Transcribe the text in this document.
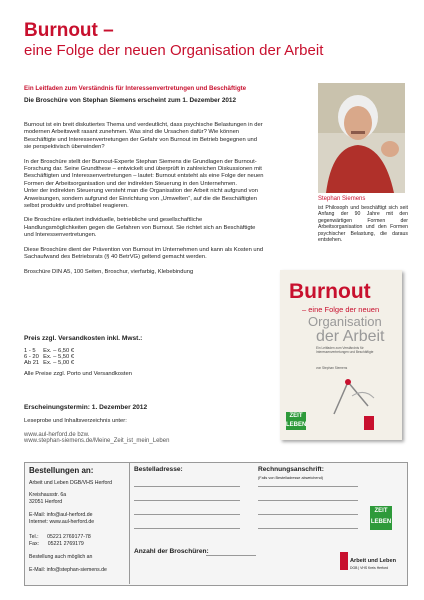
Burnout –
eine Folge der neuen Organisation der Arbeit
Ein Leitfaden zum Verständnis für Interessenvertretungen und Beschäftigte
Die Broschüre von Stephan Siemens erscheint zum 1. Dezember 2012

Burnout ist ein breit diskutiertes Thema und verdeutlicht, dass psychische Belastungen in der modernen Arbeitswelt rasant zunehmen. Was sind die Ursachen dafür? Wie können Beschäftigte und Interessenvertretungen der Gefahr von Burnout im Betrieb begegnen und sie perspektivisch überwinden?

In der Broschüre stellt der Burnout-Experte Stephan Siemens die Grundlagen der Burnout-Forschung dar. Seine Grundthese – entwickelt und überprüft in zahlreichen Diskussionen mit Beschäftigten und Interessenvertretungen – lautet: Burnout entsteht als eine Folge der neuen Formen der Arbeitsorganisation und der indirekten Steuerung in den Unternehmen.

Unter der indirekten Steuerung versteht man die Organisation der Arbeit nicht aufgrund von Anweisungen, sondern aufgrund der Einrichtung von „Umwelten“, auf die die Beschäftigten selbst produktiv und profitabel reagieren.

Die Broschüre erläutert individuelle, betriebliche und gesellschaftliche Handlungsmöglichkeiten gegen die Gefahren von Burnout. Sie richtet sich an Beschäftigte und Interessenvertretungen.

Diese Broschüre dient der Prävention von Burnout im Unternehmen und kann als Kosten und Sachaufwand des Betriebsrats (§ 40 BetrVG) geltend gemacht werden.

Broschüre DIN A5, 100 Seiten, Broschur, vierfarbig, Klebebindung

Preis zzgl. Versandkosten inkl. Mwst.:
1 - 5	Ex. – 6,50 €
6 - 20	Ex. – 5,50 €
Ab 21	Ex. – 5,00 €
Alle Preise zzgl. Porto und Versandkosten
Erscheinungstermin: 1. Dezember 2012
Leseprobe und Inhaltsverzeichnis unter:
www.aul-herford.de bzw.
www.stephan-siemens.de/Meine_Zeit_ist_mein_Leben
Stephan Siemens
ist Philosoph und beschäftigt sich seit Anfang der 90 Jahre mit den gegenwärtigen Formen der Arbeitsorganisation und den Formen psychischer Belastung, die daraus entstehen.
Burnout
– eine Folge der neuen
Organisation
der Arbeit
Ein Leitfaden zum Verständnis für Interessenvertretungen und Beschäftigte
von Stephan Siemens
ZEIT LEBEN
Bestellungen an:
Arbeit und Leben DGB/VHS Herford
Kreishausstr. 6a
32051 Herford
E-Mail: info@aul-herford.de
Internet: www.aul-herford.de
Tel.:      05221 2769177-78
Fax:      05221 2769179
Bestellung auch möglich an
E-Mail: info@stephan-siemens.de
Bestelladresse:	Rechnungsanschrift:
(Falls von Bestelladresse abweichend)
Anzahl der Broschüren:
ZEIT LEBEN
Arbeit und Leben
DGB | VHS Kreis Herford
